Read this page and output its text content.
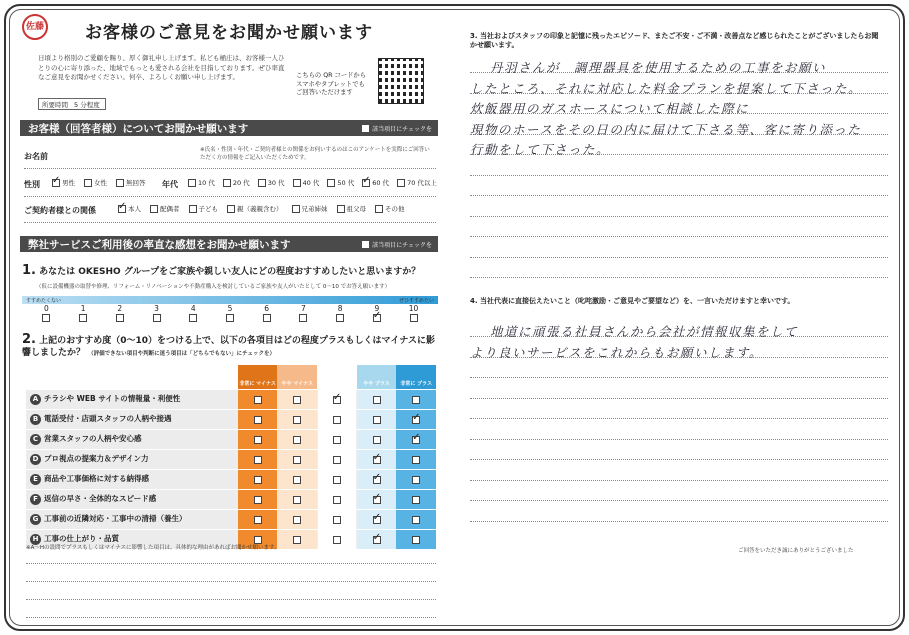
佐藤 お客様のご意見をお聞かせ願います
日頃より格別のご愛顧を賜り、厚く御礼申し上げます。私ども桶庄は、お客様一人ひとりの心に寄り添った、地域でもっとも愛される会社を目指しております。ぜひ率直なご意見をお聞かせください。何卒、よろしくお願い申し上げます。
所要時間 5 分程度
こちらの QR コードから スマホやタブレットでも ご回答いただけます
お客様（回答者様）についてお聞かせ願います	該当項目にチェックを
お名前
※氏名・性別・年代・ご契約者様との関係をお伺いするのはこのアンケートを実際にご回答いただく方の情報をご記入いただくためです。
性別 ✓	男性	女性	無回答 年代	10 代	20 代	30 代	40 代	50 代 ✓	60 代	70 代以上
ご契約者様との関係 ✓	本人	配偶者	子ども	親（義親含む）	兄弟姉妹	祖父母	その他
弊社サービスご利用後の率直な感想をお聞かせ願います	該当項目にチェックを
1. あなたは OKESHO グループをご家族や親しい友人にどの程度おすすめしたいと思いますか？
（仮に設備機器の取替や修理、リフォーム・リノベーションや不動産購入を検討しているご家族や友人がいたとして 0～10 でお答え願います）
すすめたくない	ぜひすすめたい
0	1	2	3	4	5	6	7	8	9
✓	10
2. 上記のおすすめ度（0～10）をつける上で、以下の各項目はどの程度プラスもしくはマイナスに影響しましたか？ （評価できない項目や判断に迷う項目は「どちらでもない」にチェックを）
	非常に マイナス	やや マイナス	どちら でもない	やや プラス	非常に プラス
A チラシや WEB サイトの情報量・利便性			✓		
B 電話受付・店頭スタッフの人柄や接遇					✓
C 営業スタッフの人柄や安心感					✓
D プロ視点の提案力＆デザイン力				✓	
E 商品や工事価格に対する納得感				✓	
F 返信の早さ・全体的なスピード感				✓	
G 工事前の近隣対応・工事中の清掃（養生）				✓	
H 工事の仕上がり・品質				✓	
※A～Hの設問でプラスもしくはマイナスに影響した項目は、具体的な理由があればお聞かせ願います。
3. 当社およびスタッフの印象と記憶に残ったエピソード、またご不安・ご不満・改善点など感じられたことがございましたらお聞かせ願います。
丹羽さんが　調理器具を使用するための工事をお願い
したところ、それに対応した料金プランを提案して下さった。
炊飯器用のガスホースについて相談した際に
現物のホースをその日の内に届けて下さる等、客に寄り添った
行動をして下さった。
4. 当社代表に直接伝えたいこと（叱咤激励・ご意見やご要望など）を、一言いただけますと幸いです。
地道に頑張る社員さんから会社が情報収集をして
より良いサービスをこれからもお願いします。
ご回答をいただき誠にありがとうございました
